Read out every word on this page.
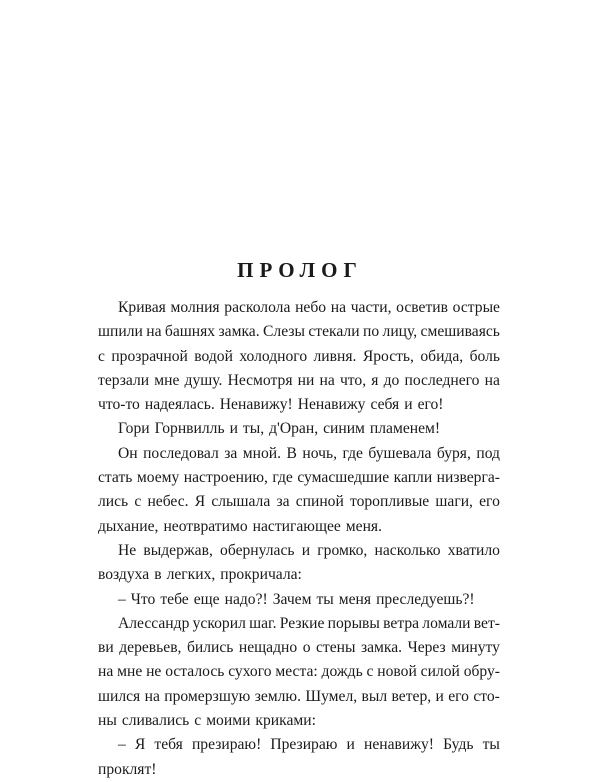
ПРОЛОГ
Кривая молния расколола небо на части, осветив острые
шпили на башнях замка. Слезы стекали по лицу, смешиваясь
с прозрачной водой холодного ливня. Ярость, обида, боль
терзали мне душу. Несмотря ни на что, я до последнего на
что-то надеялась. Ненавижу! Ненавижу себя и его!
Гори Горнвилль и ты, д'Оран, синим пламенем!
Он последовал за мной. В ночь, где бушевала буря, под
стать моему настроению, где сумасшедшие капли низверга-
лись с небес. Я слышала за спиной торопливые шаги, его
дыхание, неотвратимо настигающее меня.
Не выдержав, обернулась и громко, насколько хватило
воздуха в легких, прокричала:
– Что тебе еще надо?! Зачем ты меня преследуешь?!
Алессандр ускорил шаг. Резкие порывы ветра ломали вет-
ви деревьев, бились нещадно о стены замка. Через минуту
на мне не осталось сухого места: дождь с новой силой обру-
шился на промерзшую землю. Шумел, выл ветер, и его сто-
ны сливались с моими криками:
– Я тебя презираю! Презираю и ненавижу! Будь ты
проклят!
